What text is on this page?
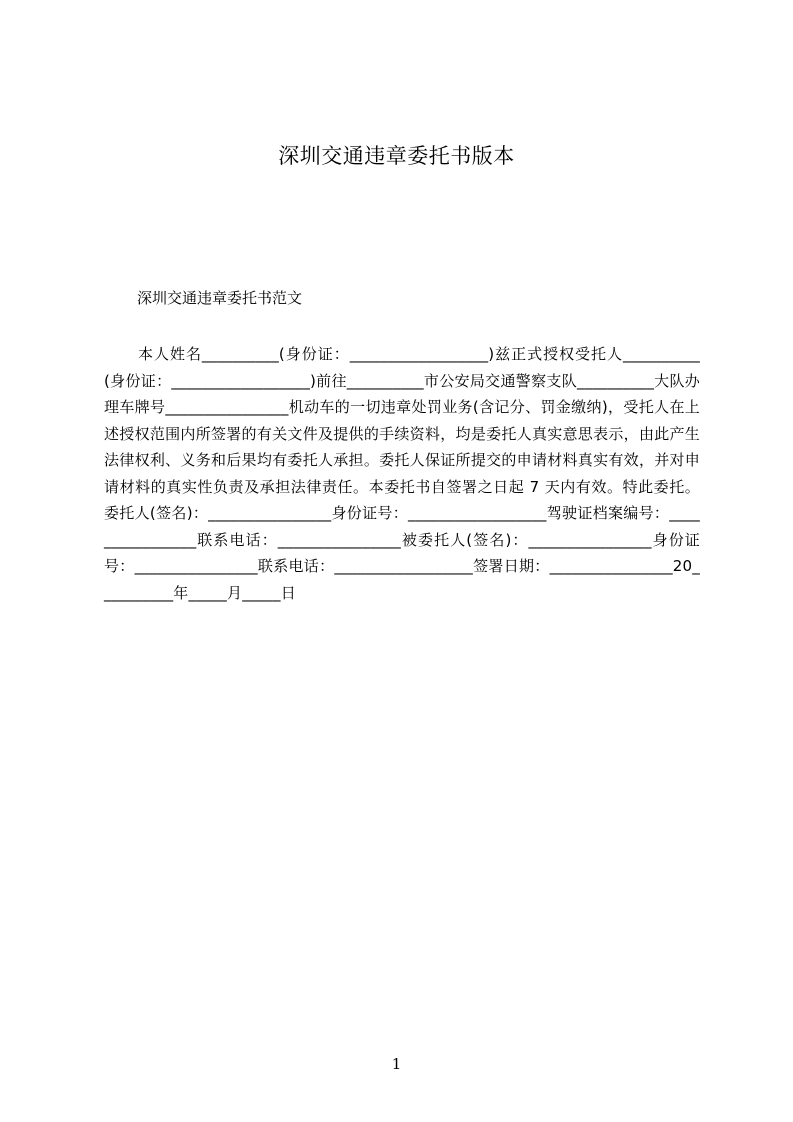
深圳交通违章委托书版本

深圳交通违章委托书范文

本人姓名__________(身份证：__________________)兹正式授权受托人__________(身份证：__________________)前往__________市公安局交通警察支队__________大队办理车牌号________________机动车的一切违章处罚业务(含记分、罚金缴纳)，受托人在上述授权范围内所签署的有关文件及提供的手续资料，均是委托人真实意思表示，由此产生法律权利、义务和后果均有委托人承担。委托人保证所提交的申请材料真实有效，并对申请材料的真实性负责及承担法律责任。本委托书自签署之日起 7 天内有效。特此委托。委托人(签名)：________________身份证号：__________________驾驶证档案编号：________________联系电话：________________被委托人(签名)：________________身份证号：________________联系电话：__________________签署日期：________________20__________年_____月_____日

1
